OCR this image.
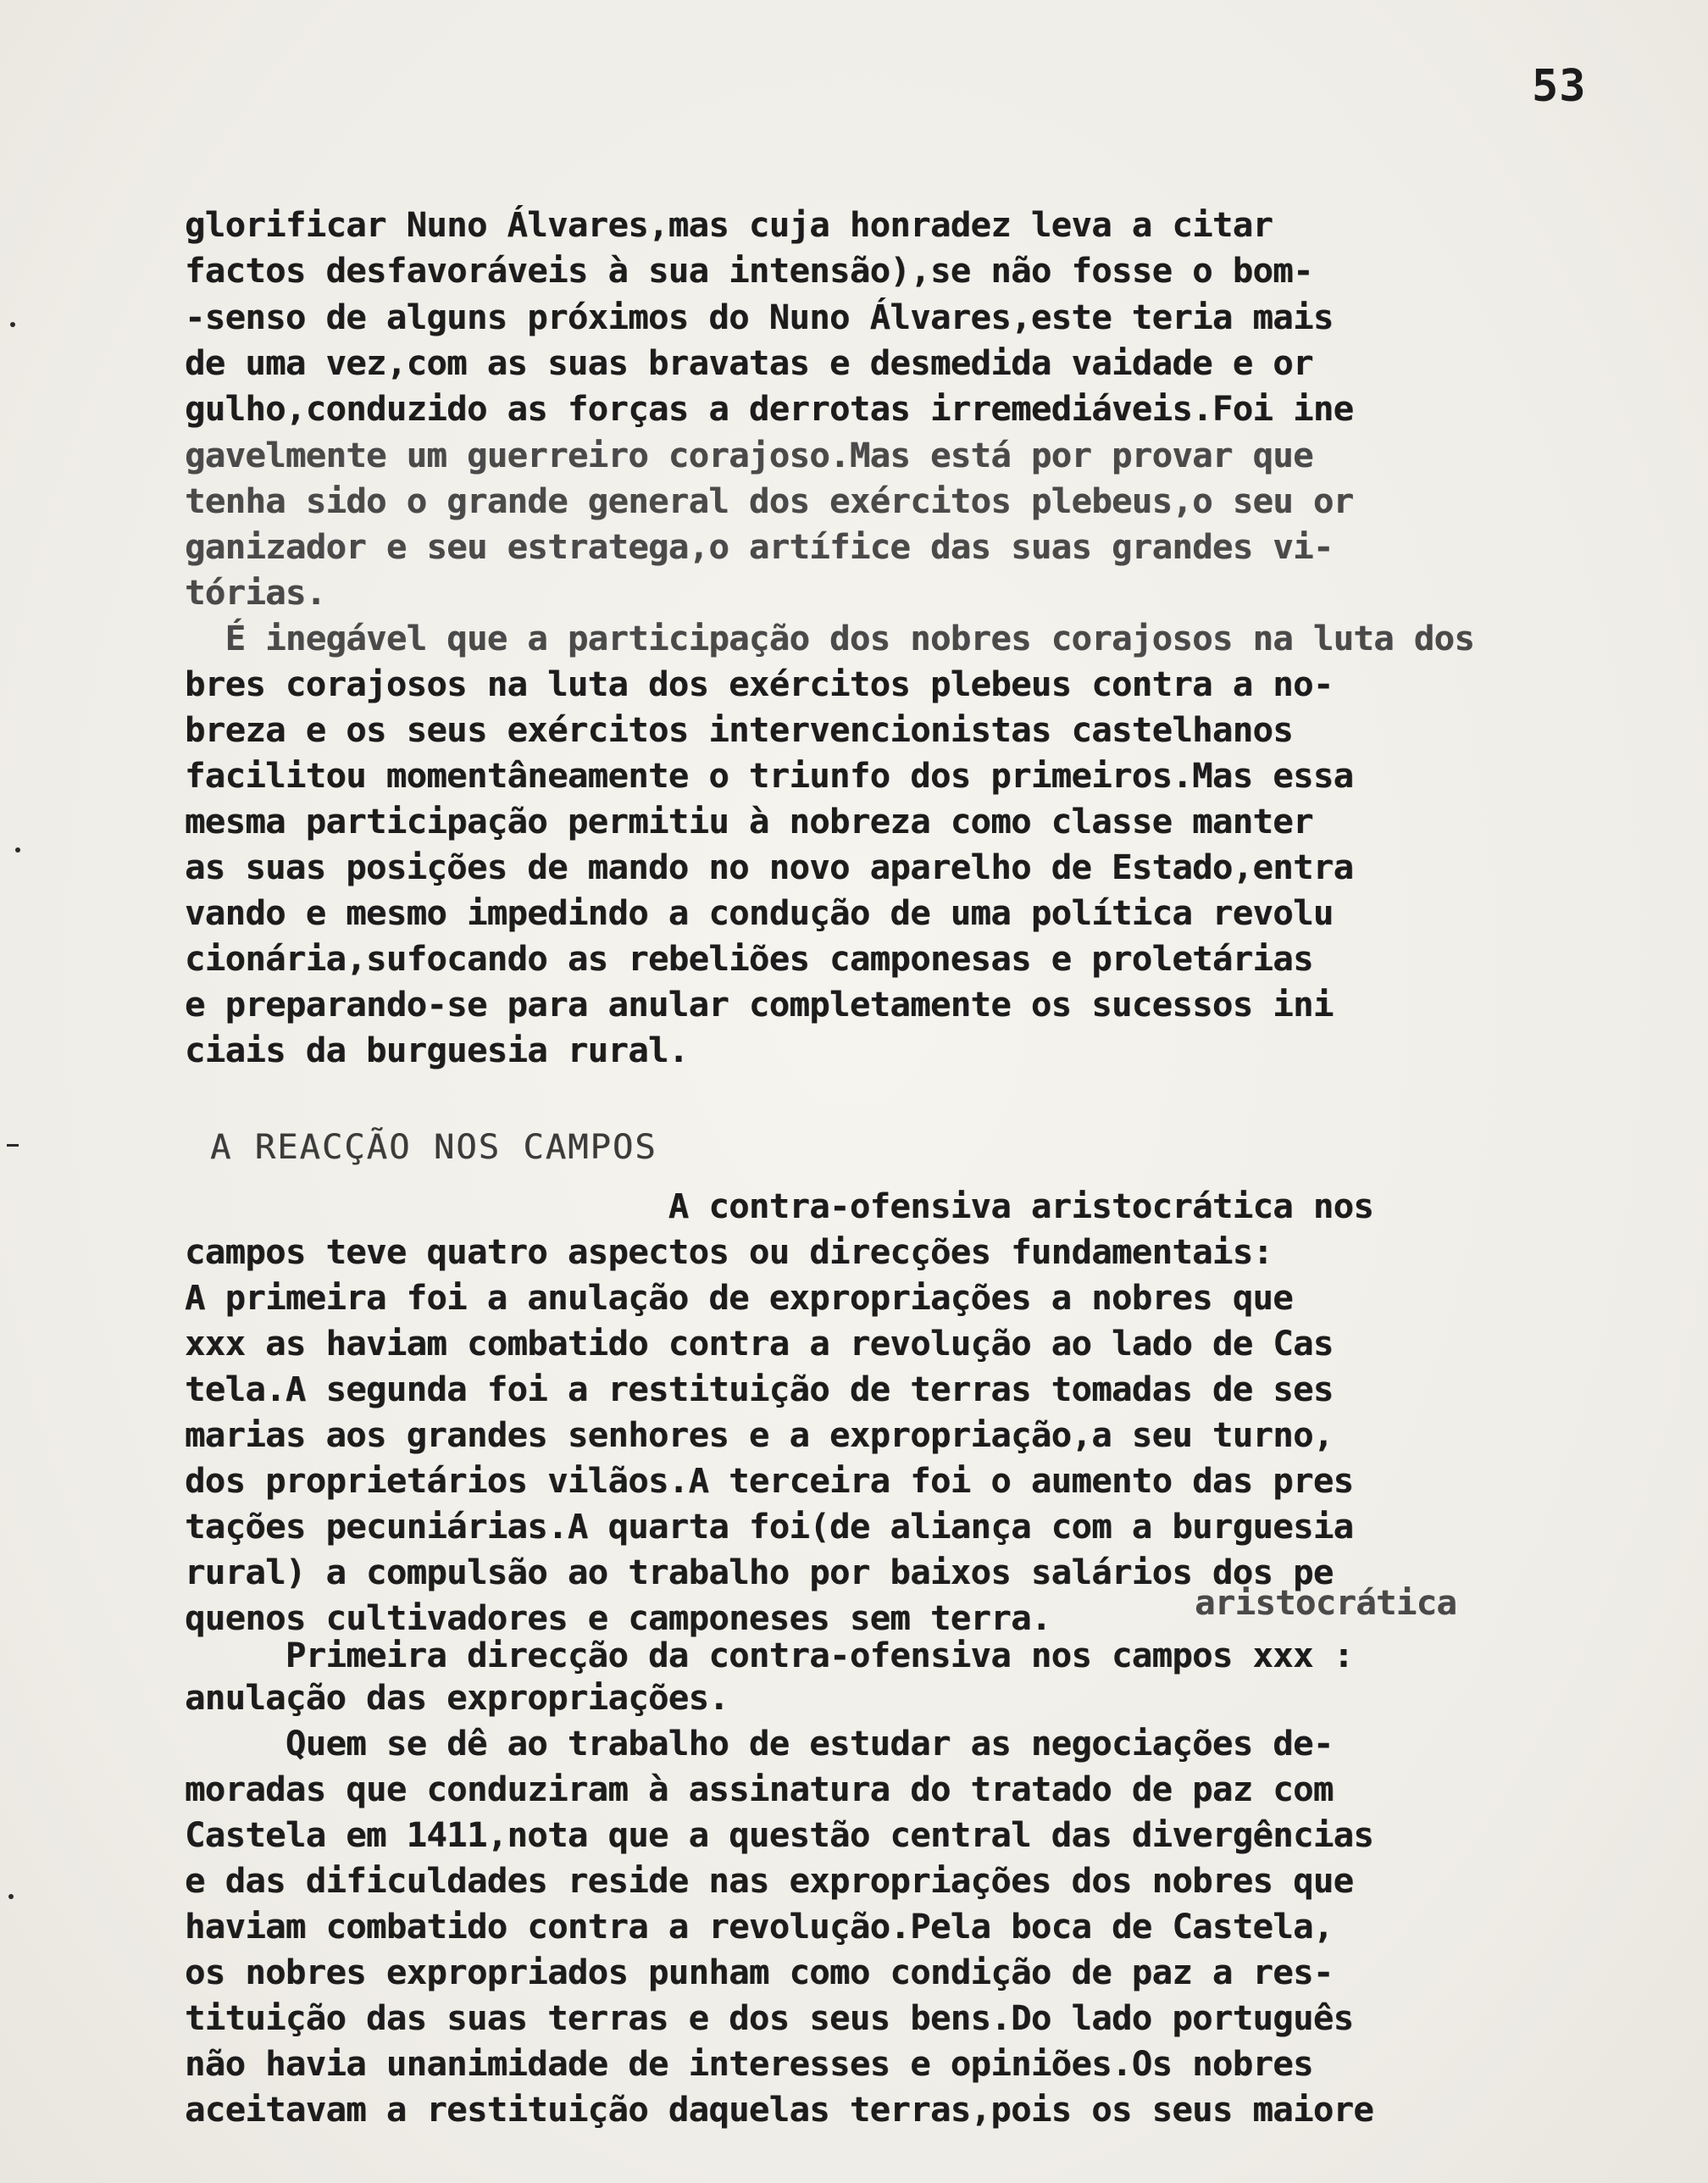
53

glorificar Nuno Álvares,mas cuja honradez leva a citar

factos desfavoráveis à sua intensão),se não fosse o bom-

-senso de alguns próximos do Nuno Álvares,este teria mais

de uma vez,com as suas bravatas e desmedida vaidade e or

gulho,conduzido as forças a derrotas irremediáveis.Foi ine

gavelmente um guerreiro corajoso.Mas está por provar que

tenha sido o grande general dos exércitos plebeus,o seu or

ganizador e seu estratega,o artífice das suas grandes vi-

tórias.

É inegável que a participação dos nobres corajosos na luta dos

bres corajosos na luta dos exércitos plebeus contra a no-

breza e os seus exércitos intervencionistas castelhanos

facilitou momentâneamente o triunfo dos primeiros.Mas essa

mesma participação permitiu à nobreza como classe manter

as suas posições de mando no novo aparelho de Estado,entra

vando e mesmo impedindo a condução de uma política revolu

cionária,sufocando as rebeliões camponesas e proletárias

e preparando-se para anular completamente os sucessos ini

ciais da burguesia rural.

A REACÇÃO NOS CAMPOS

A contra-ofensiva aristocrática nos

campos teve quatro aspectos ou direcções fundamentais:

A primeira foi a anulação de expropriações a nobres que

xxx as haviam combatido contra a revolução ao lado de Cas

tela.A segunda foi a restituição de terras tomadas de ses

marias aos grandes senhores e a expropriação,a seu turno,

dos proprietários vilãos.A terceira foi o aumento das pres

tações pecuniárias.A quarta foi(de aliança com a burguesia

rural) a compulsão ao trabalho por baixos salários dos pe

quenos cultivadores e camponeses sem terra.	aristocrática

Primeira direcção da contra-ofensiva nos campos xxx :

anulação das expropriações.

Quem se dê ao trabalho de estudar as negociações de-

moradas que conduziram à assinatura do tratado de paz com

Castela em 1411,nota que a questão central das divergências

e das dificuldades reside nas expropriações dos nobres que

haviam combatido contra a revolução.Pela boca de Castela,

os nobres expropriados punham como condição de paz a res-

tituição das suas terras e dos seus bens.Do lado português

não havia unanimidade de interesses e opiniões.Os nobres

aceitavam a restituição daquelas terras,pois os seus maiore
